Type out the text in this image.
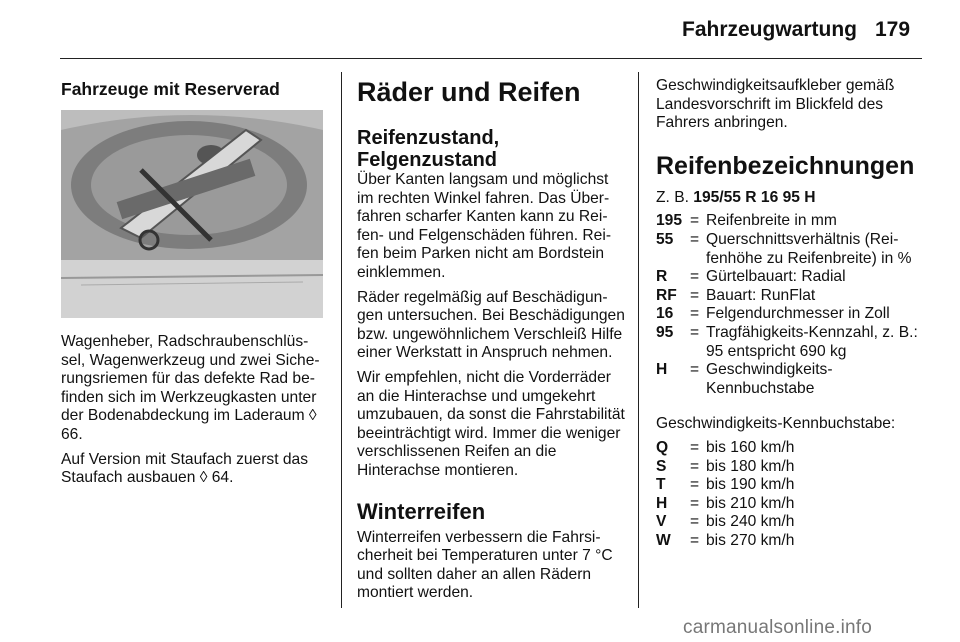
Fahrzeugwartung 179
Fahrzeuge mit Reserverad

Wagenheber, Radschraubenschlüssel, Wagenwerkzeug und zwei Sicherungsriemen für das defekte Rad befinden sich im Werkzeugkasten unter der Bodenabdeckung im Laderaum ◊ 66.

Auf Version mit Staufach zuerst das Staufach ausbauen ◊ 64.

Räder und Reifen
Reifenzustand, Felgenzustand

Über Kanten langsam und möglichst im rechten Winkel fahren. Das Überfahren scharfer Kanten kann zu Reifen- und Felgenschäden führen. Reifen beim Parken nicht am Bordstein einklemmen.

Räder regelmäßig auf Beschädigungen untersuchen. Bei Beschädigungen bzw. ungewöhnlichem Verschleiß Hilfe einer Werkstatt in Anspruch nehmen.

Wir empfehlen, nicht die Vorderräder an die Hinterachse und umgekehrt umzubauen, da sonst die Fahrstabilität beeinträchtigt wird. Immer die weniger verschlissenen Reifen an die Hinterachse montieren.

Winterreifen

Winterreifen verbessern die Fahrsicherheit bei Temperaturen unter 7 °C und sollten daher an allen Rädern montiert werden.

Geschwindigkeitsaufkleber gemäß Landesvorschrift im Blickfeld des Fahrers anbringen.

Reifenbezeichnungen

Z. B. 195/55 R 16 95 H

195	=	Reifenbreite in mm
55	=	Querschnittsverhältnis (Reifenhöhe zu Reifenbreite) in %
R	=	Gürtelbauart: Radial
RF	=	Bauart: RunFlat
16	=	Felgendurchmesser in Zoll
95	=	Tragfähigkeits-Kennzahl, z. B.: 95 entspricht 690 kg
H	=	Geschwindigkeits-
Kennbuchstabe

Geschwindigkeits-Kennbuchstabe:

Q	=	bis 160 km/h
S	=	bis 180 km/h
T	=	bis 190 km/h
H	=	bis 210 km/h
V	=	bis 240 km/h
W	=	bis 270 km/h
carmanualsonline.info
